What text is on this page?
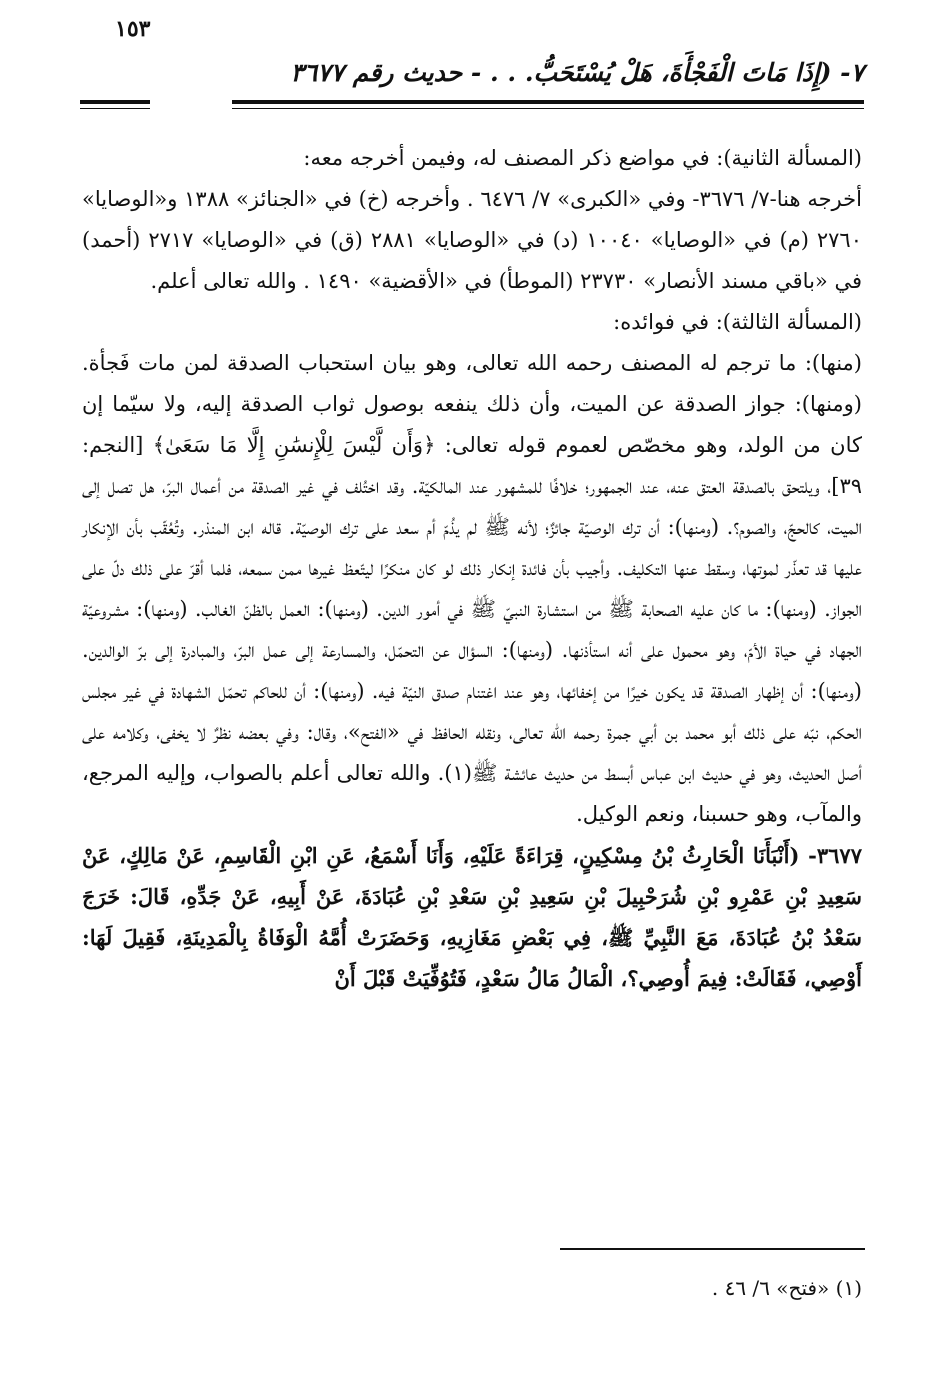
٧- (إِذَا مَاتَ الْفَجْأَةَ، هَلْ يُسْتَحَبُّ. . . - حديث رقم ٣٦٧٧
١٥٣

(المسألة الثانية): في مواضع ذكر المصنف له، وفيمن أخرجه معه:

أخرجه هنا-٧/ ٣٦٧٦- وفي «الكبرى» ٧/ ٦٤٧٦ . وأخرجه (خ) في «الجنائز» ١٣٨٨ و«الوصايا» ٢٧٦٠ (م) في «الوصايا» ١٠٠٤٠ (د) في «الوصايا» ٢٨٨١ (ق) في «الوصايا» ٢٧١٧ (أحمد) في «باقي مسند الأنصار» ٢٣٧٣٠ (الموطأ) في «الأقضية» ١٤٩٠ . والله تعالى أعلم.

(المسألة الثالثة): في فوائده:

(منها): ما ترجم له المصنف رحمه الله تعالى، وهو بيان استحباب الصدقة لمن مات فَجأة. (ومنها): جواز الصدقة عن الميت، وأن ذلك ينفعه بوصول ثواب الصدقة إليه، ولا سيّما إن كان من الولد، وهو مخصّص لعموم قوله تعالى: ﴿وَأَن لَّيْسَ لِلْإِنسَٰنِ إِلَّا مَا سَعَىٰ﴾ [النجم: ٣٩]، ويلتحق بالصدقة العتق عنه، عند الجمهور؛ خلافًا للمشهور عند المالكيّة. وقد اختُلف في غير الصدقة من أعمال البرّ، هل تصل إلى الميت، كالحجّ، والصوم؟. (ومنها): أن ترك الوصيّة جائزٌ؛ لأنه ﷺ لم يذُمّ أم سعد على ترك الوصيّة. قاله ابن المنذر. وتُعُقّب بأن الإنكار عليها قد تعذّر لموتها، وسقط عنها التكليف. وأجيب بأن فائدة إنكار ذلك لو كان منكرًا ليتّعظ غيرها ممن سمعه، فلما أقرّ على ذلك دلّ على الجواز. (ومنها): ما كان عليه الصحابة ﷺ من استشارة النبيّ ﷺ في أمور الدين. (ومنها): العمل بالظنّ الغالب. (ومنها): مشروعيّة الجهاد في حياة الأمّ، وهو محمول على أنه استأذنها. (ومنها): السؤال عن التحمّل، والمسارعة إلى عمل البرّ، والمبادرة إلى برّ الوالدين. (ومنها): أن إظهار الصدقة قد يكون خيرًا من إخفائها، وهو عند اغتنام صدق النيّة فيه. (ومنها): أن للحاكم تحمّل الشهادة في غير مجلس الحكم، نبّه على ذلك أبو محمد بن أبي جمرة رحمه الله تعالى، ونقله الحافظ في «الفتح»، وقال: وفي بعضه نظرٌ لا يخفى، وكلامه على أصل الحديث، وهو في حديث ابن عباس أبسط من حديث عائشة ﷺ(١). والله تعالى أعلم بالصواب، وإليه المرجع، والمآب، وهو حسبنا، ونعم الوكيل.

٣٦٧٧- (أَنْبَأَنَا الْحَارِثُ بْنُ مِسْكِينٍ، قِرَاءَةً عَلَيْهِ، وَأَنَا أَسْمَعُ، عَنِ ابْنِ الْقَاسِمِ، عَنْ مَالِكٍ، عَنْ سَعِيدِ بْنِ عَمْرِو بْنِ شُرَحْبِيلَ بْنِ سَعِيدِ بْنِ سَعْدِ بْنِ عُبَادَةَ، عَنْ أَبِيهِ، عَنْ جَدِّهِ، قَالَ: خَرَجَ سَعْدُ بْنُ عُبَادَةَ، مَعَ النَّبِيِّ ﷺ، فِي بَعْضِ مَغَازِيهِ، وَحَضَرَتْ أُمَّهُ الْوَفَاةُ بِالْمَدِينَةِ، فَقِيلَ لَهَا: أَوْصِي، فَقَالَتْ: فِيمَ أُوصِي؟، الْمَالُ مَالُ سَعْدٍ، فَتُوُفِّيَتْ قَبْلَ أَنْ

(١) «فتح» ٦/ ٤٦ .
